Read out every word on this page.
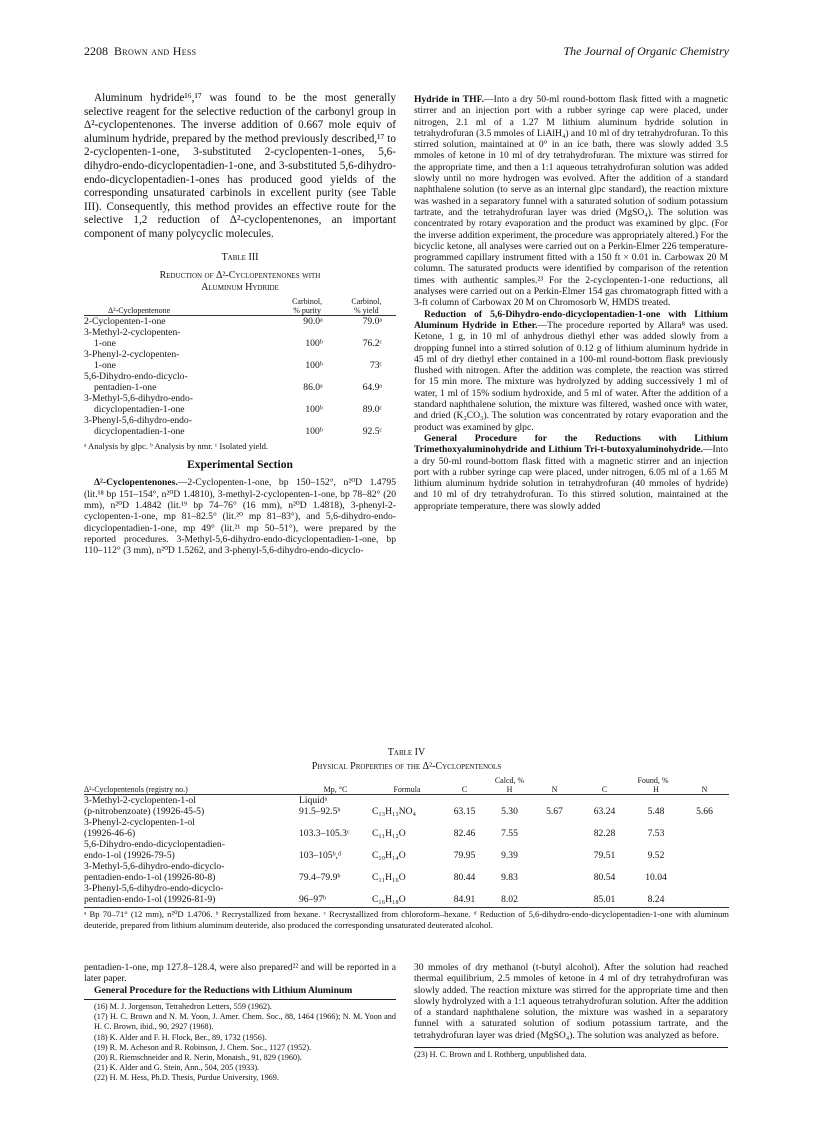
2208 Brown and Hess	The Journal of Organic Chemistry

Aluminum hydride¹⁶,¹⁷ was found to be the most generally selective reagent for the selective reduction of the carbonyl group in Δ²-cyclopentenones. The inverse addition of 0.667 mole equiv of aluminum hydride, prepared by the method previously described,¹⁷ to 2-cyclopenten-1-one, 3-substituted 2-cyclopenten-1-ones, 5,6-dihydro-endo-dicyclopentadien-1-one, and 3-substituted 5,6-dihydro-endo-dicyclopentadien-1-ones has produced good yields of the corresponding unsaturated carbinols in excellent purity (see Table III). Consequently, this method provides an effective route for the selective 1,2 reduction of Δ²-cyclopentenones, an important component of many polycyclic molecules.

Table III
Reduction of Δ²-Cyclopentenones with
Aluminum Hydride
	Carbinol,	Carbinol,
Δ²-Cyclopentenone	% purity	% yield

2-Cyclopenten-1-one	90.0ᵃ	79.0ᵃ

3-Methyl-2-cyclopenten-
1-one	100ᵇ	76.2ᶜ

3-Phenyl-2-cyclopenten-
1-one	100ᵇ	73ᶜ

5,6-Dihydro-endo-dicyclo-
pentadien-1-one	86.0ᵃ	64.9ᵃ

3-Methyl-5,6-dihydro-endo-
dicyclopentadien-1-one	100ᵇ	89.0ᶜ

3-Phenyl-5,6-dihydro-endo-
dicyclopentadien-1-one	100ᵇ	92.5ᶜ
ᵃ Analysis by glpc. ᵇ Analysis by nmr. ᶜ Isolated yield.
Experimental Section

Δ²-Cyclopentenones.—2-Cyclopenten-1-one, bp 150–152°, n²⁰D 1.4795 (lit.¹⁸ bp 151–154°, n²⁰D 1.4810), 3-methyl-2-cyclopenten-1-one, bp 78–82° (20 mm), n²⁰D 1.4842 (lit.¹⁹ bp 74–76° (16 mm), n²⁰D 1.4818), 3-phenyl-2-cyclopenten-1-one, mp 81–82.5° (lit.²⁰ mp 81–83°), and 5,6-dihydro-endo-dicyclopentadien-1-one, mp 49° (lit.²¹ mp 50–51°), were prepared by the reported procedures. 3-Methyl-5,6-dihydro-endo-dicyclopentadien-1-one, bp 110–112° (3 mm), n²⁰D 1.5262, and 3-phenyl-5,6-dihydro-endo-dicyclo-

Hydride in THF.—Into a dry 50-ml round-bottom flask fitted with a magnetic stirrer and an injection port with a rubber syringe cap were placed, under nitrogen, 2.1 ml of a 1.27 M lithium aluminum hydride solution in tetrahydrofuran (3.5 mmoles of LiAlH₄) and 10 ml of dry tetrahydrofuran. To this stirred solution, maintained at 0° in an ice bath, there was slowly added 3.5 mmoles of ketone in 10 ml of dry tetrahydrofuran. The mixture was stirred for the appropriate time, and then a 1:1 aqueous tetrahydrofuran solution was added slowly until no more hydrogen was evolved. After the addition of a standard naphthalene solution (to serve as an internal glpc standard), the reaction mixture was washed in a separatory funnel with a saturated solution of sodium potassium tartrate, and the tetrahydrofuran layer was dried (MgSO₄). The solution was concentrated by rotary evaporation and the product was examined by glpc. (For the inverse addition experiment, the procedure was appropriately altered.) For the bicyclic ketone, all analyses were carried out on a Perkin-Elmer 226 temperature-programmed capillary instrument fitted with a 150 ft × 0.01 in. Carbowax 20 M column. The saturated products were identified by comparison of the retention times with authentic samples.²³ For the 2-cyclopenten-1-one reductions, all analyses were carried out on a Perkin-Elmer 154 gas chromatograph fitted with a 3-ft column of Carbowax 20 M on Chromosorb W, HMDS treated.

Reduction of 5,6-Dihydro-endo-dicyclopentadien-1-one with Lithium Aluminum Hydride in Ether.—The procedure reported by Allara⁸ was used. Ketone, 1 g, in 10 ml of anhydrous diethyl ether was added slowly from a dropping funnel into a stirred solution of 0.12 g of lithium aluminum hydride in 45 ml of dry diethyl ether contained in a 100-ml round-bottom flask previously flushed with nitrogen. After the addition was complete, the reaction was stirred for 15 min more. The mixture was hydrolyzed by adding successively 1 ml of water, 1 ml of 15% sodium hydroxide, and 5 ml of water. After the addition of a standard naphthalene solution, the mixture was filtered, washed once with water, and dried (K₂CO₃). The solution was concentrated by rotary evaporation and the product was examined by glpc.

General Procedure for the Reductions with Lithium Trimethoxyaluminohydride and Lithium Tri-t-butoxyaluminohydride.—Into a dry 50-ml round-bottom flask fitted with a magnetic stirrer and an injection port with a rubber syringe cap were placed, under nitrogen, 6.05 ml of a 1.65 M lithium aluminum hydride solution in tetrahydrofuran (40 mmoles of hydride) and 10 ml of dry tetrahydrofuran. To this stirred solution, maintained at the appropriate temperature, there was slowly added

Table IV
Physical Properties of the Δ²-Cyclopentenols
			Calcd, %			Found, %		
Δ²-Cyclopentenols (registry no.)	Mp, °C	Formula	C	H	N	C	H	N
3-Methyl-2-cyclopenten-1-ol	Liquidᵃ							
(p-nitrobenzoate) (19926-45-5)	91.5–92.5ᵇ	C₁₃H₁₃NO₄	63.15	5.30	5.67	63.24	5.48	5.66
3-Phenyl-2-cyclopenten-1-ol								
(19926-46-6)	103.3–105.3ᶜ	C₁₁H₁₂O	82.46	7.55		82.28	7.53	
5,6-Dihydro-endo-dicyclopentadien-								
endo-1-ol (19926-79-5)	103–105ᵇ,ᵈ	C₁₀H₁₄O	79.95	9.39		79.51	9.52	
3-Methyl-5,6-dihydro-endo-dicyclo-								
pentadien-endo-1-ol (19926-80-8)	79.4–79.9ᵇ	C₁₁H₁₆O	80.44	9.83		80.54	10.04	
3-Phenyl-5,6-dihydro-endo-dicyclo-								
pentadien-endo-1-ol (19926-81-9)	96–97ᵇ	C₁₆H₁₈O	84.91	8.02		85.01	8.24	
ᵃ Bp 70–71° (12 mm), n²⁰D 1.4706. ᵇ Recrystallized from hexane. ᶜ Recrystallized from chloroform–hexane. ᵈ Reduction of 5,6-dihydro-endo-dicyclopentadien-1-one with aluminum deuteride, prepared from lithium aluminum deuteride, also produced the corresponding unsaturated deuterated alcohol.

pentadien-1-one, mp 127.8–128.4, were also prepared²² and will be reported in a later paper.

General Procedure for the Reductions with Lithium Aluminum

(16) M. J. Jorgenson, Tetrahedron Letters, 559 (1962).
(17) H. C. Brown and N. M. Yoon, J. Amer. Chem. Soc., 88, 1464 (1966); N. M. Yoon and H. C. Brown, ibid., 90, 2927 (1968).
(18) K. Alder and F. H. Flock, Ber., 89, 1732 (1956).
(19) R. M. Acheson and R. Robinson, J. Chem. Soc., 1127 (1952).
(20) R. Riemschneider and R. Nerin, Monatsh., 91, 829 (1960).
(21) K. Alder and G. Stein, Ann., 504, 205 (1933).
(22) H. M. Hess, Ph.D. Thesis, Purdue University, 1969.

30 mmoles of dry methanol (t-butyl alcohol). After the solution had reached thermal equilibrium, 2.5 mmoles of ketone in 4 ml of dry tetrahydrofuran was slowly added. The reaction mixture was stirred for the appropriate time and then slowly hydrolyzed with a 1:1 aqueous tetrahydrofuran solution. After the addition of a standard naphthalene solution, the mixture was washed in a separatory funnel with a saturated solution of sodium potassium tartrate, and the tetrahydrofuran layer was dried (MgSO₄). The solution was analyzed as before.

(23) H. C. Brown and I. Rothberg, unpublished data.
